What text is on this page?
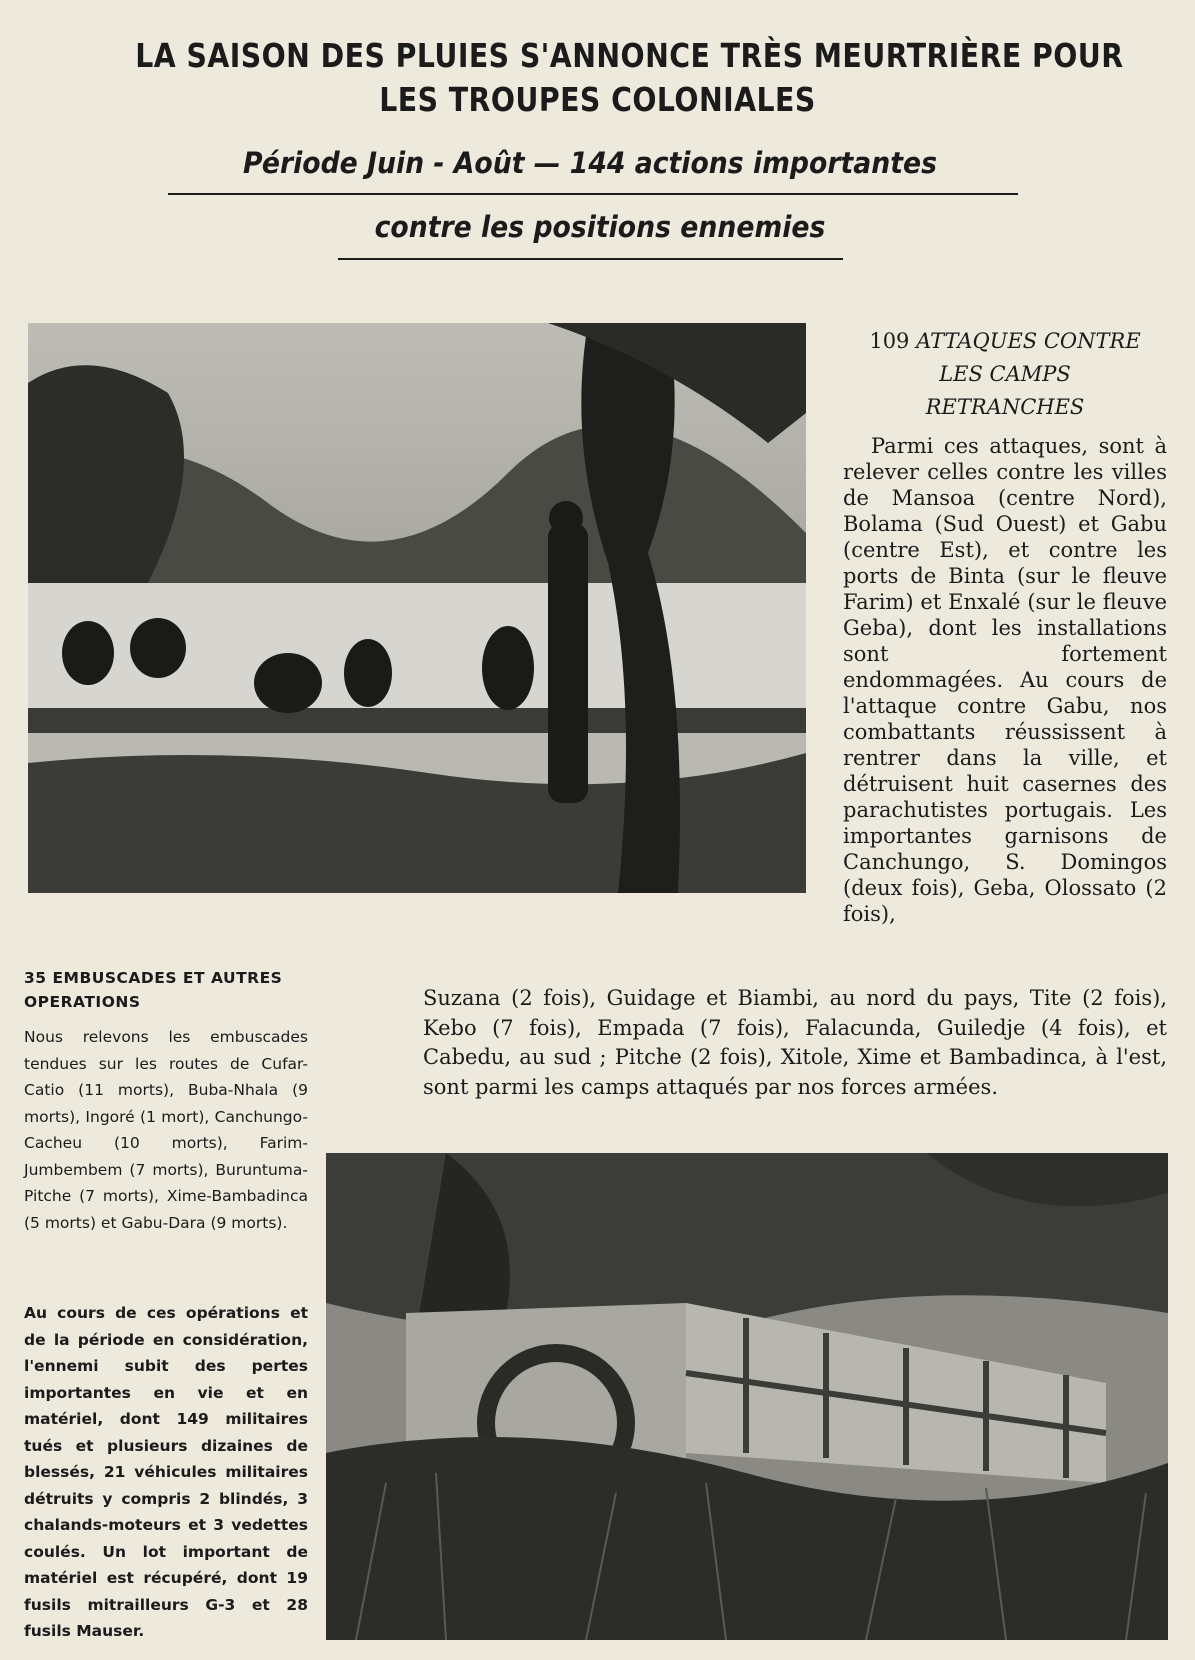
LA SAISON DES PLUIES S'ANNONCE TRÈS MEURTRIÈRE POUR
LES TROUPES COLONIALES
Période Juin - Août — 144 actions importantes
contre les positions ennemies
109 ATTAQUES CONTRE
LES CAMPS
RETRANCHES
Parmi ces attaques, sont à relever celles contre les villes de Mansoa (centre Nord), Bolama (Sud Ouest) et Gabu (centre Est), et contre les ports de Binta (sur le fleuve Farim) et Enxalé (sur le fleuve Geba), dont les installations sont fortement endommagées. Au cours de l'attaque contre Gabu, nos combattants réussissent à rentrer dans la ville, et détruisent huit casernes des parachutistes portugais. Les importantes garnisons de Canchungo, S. Domingos (deux fois), Geba, Olossato (2 fois),
35 EMBUSCADES ET AUTRES OPERATIONS
Nous relevons les embuscades tendues sur les routes de Cufar-Catio (11 morts), Buba-Nhala (9 morts), Ingoré (1 mort), Canchungo-Cacheu (10 morts), Farim-Jumbembem (7 morts), Buruntuma-Pitche (7 morts), Xime-Bambadinca (5 morts) et Gabu-Dara (9 morts).
Au cours de ces opérations et de la période en considération, l'ennemi subit des pertes importantes en vie et en matériel, dont 149 militaires tués et plusieurs dizaines de blessés, 21 véhicules militaires détruits y compris 2 blindés, 3 chalands-moteurs et 3 vedettes coulés. Un lot important de matériel est récupéré, dont 19 fusils mitrailleurs G-3 et 28 fusils Mauser.
Suzana (2 fois), Guidage et Biambi, au nord du pays, Tite (2 fois), Kebo (7 fois), Empada (7 fois), Falacunda, Guiledje (4 fois), et Cabedu, au sud ; Pitche (2 fois), Xitole, Xime et Bambadinca, à l'est, sont parmi les camps attaqués par nos forces armées.
